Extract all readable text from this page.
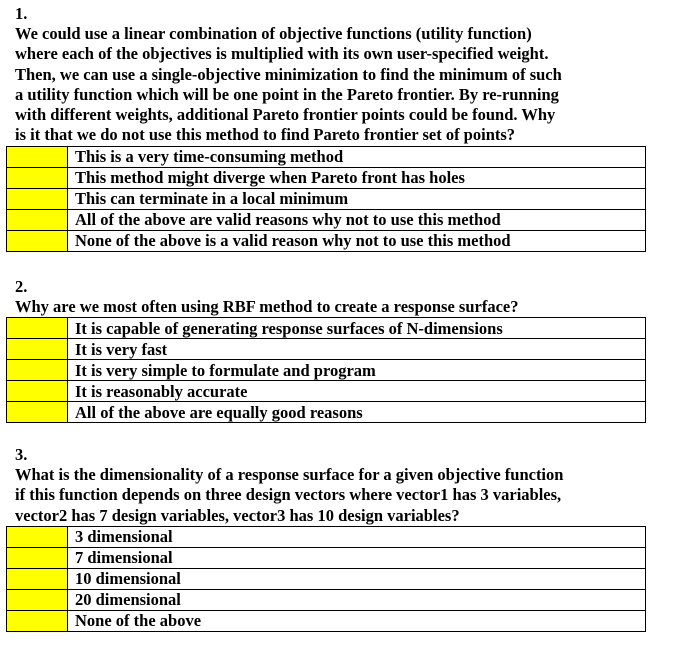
1.

We could use a linear combination of objective functions (utility function)
where each of the objectives is multiplied with its own user-specified weight.
Then, we can use a single-objective minimization to find the minimum of such
a utility function which will be one point in the Pareto frontier. By re-running
with different weights, additional Pareto frontier points could be found. Why
is it that we do not use this method to find Pareto frontier set of points?

	This is a very time-consuming method
	This method might diverge when Pareto front has holes
	This can terminate in a local minimum
	All of the above are valid reasons why not to use this method
	None of the above is a valid reason why not to use this method
2.

Why are we most often using RBF method to create a response surface?

	It is capable of generating response surfaces of N-dimensions
	It is very fast
	It is very simple to formulate and program
	It is reasonably accurate
	All of the above are equally good reasons
3.

What is the dimensionality of a response surface for a given objective function
if this function depends on three design vectors where vector1 has 3 variables,
vector2 has 7 design variables, vector3 has 10 design variables?

	3 dimensional
	7 dimensional
	10 dimensional
	20 dimensional
	None of the above
